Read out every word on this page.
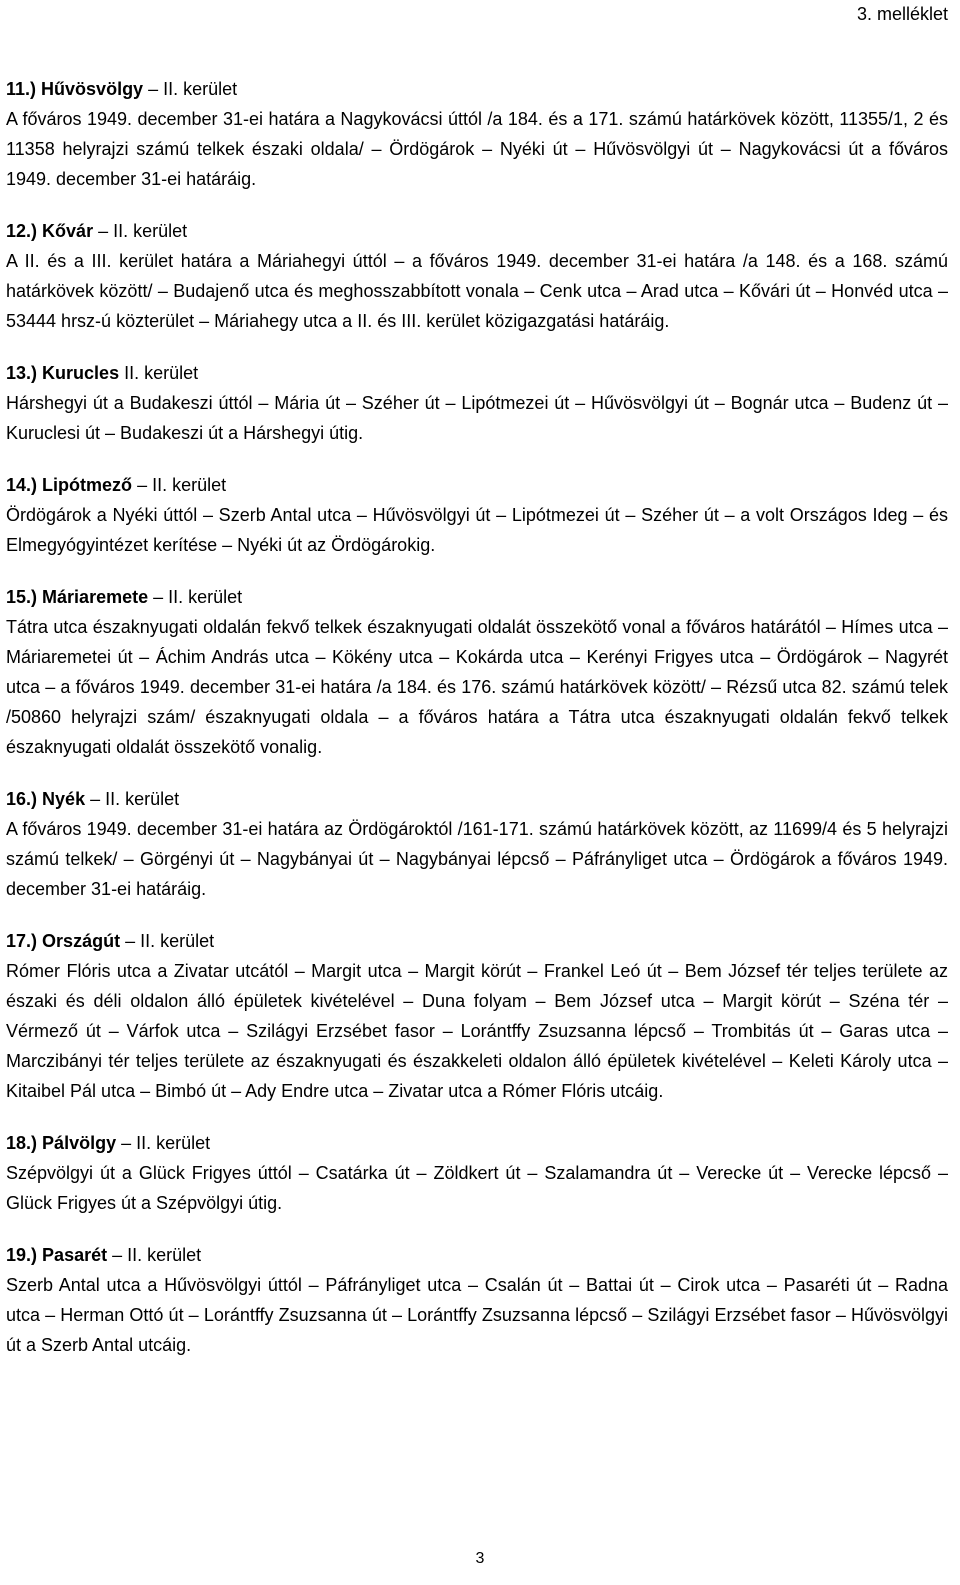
3. melléklet

11.) Hűvösvölgy – II. kerület

A főváros 1949. december 31-ei határa a Nagykovácsi úttól /a 184. és a 171. számú határkövek között, 11355/1, 2 és 11358 helyrajzi számú telkek északi oldala/ – Ördögárok – Nyéki út – Hűvösvölgyi út – Nagykovácsi út a főváros 1949. december 31-ei határáig.

12.) Kővár – II. kerület

A II. és a III. kerület határa a Máriahegyi úttól – a főváros 1949. december 31-ei határa /a 148. és a 168. számú határkövek között/ – Budajenő utca és meghosszabbított vonala – Cenk utca – Arad utca – Kővári út – Honvéd utca – 53444 hrsz-ú közterület – Máriahegy utca a II. és III. kerület közigazgatási határáig.

13.) Kurucles II. kerület

Hárshegyi út a Budakeszi úttól – Mária út – Széher út – Lipótmezei út – Hűvösvölgyi út – Bognár utca – Budenz út – Kuruclesi út – Budakeszi út a Hárshegyi útig.

14.) Lipótmező – II. kerület

Ördögárok a Nyéki úttól – Szerb Antal utca – Hűvösvölgyi út – Lipótmezei út – Széher út – a volt Országos Ideg – és Elmegyógyintézet kerítése – Nyéki út az Ördögárokig.

15.) Máriaremete – II. kerület

Tátra utca északnyugati oldalán fekvő telkek északnyugati oldalát összekötő vonal a főváros határától – Hímes utca – Máriaremetei út – Áchim András utca – Kökény utca – Kokárda utca – Kerényi Frigyes utca – Ördögárok – Nagyrét utca – a főváros 1949. december 31-ei határa /a 184. és 176. számú határkövek között/ – Rézsű utca 82. számú telek /50860 helyrajzi szám/ északnyugati oldala – a főváros határa a Tátra utca északnyugati oldalán fekvő telkek északnyugati oldalát összekötő vonalig.

16.) Nyék – II. kerület

A főváros 1949. december 31-ei határa az Ördögároktól /161-171. számú határkövek között, az 11699/4 és 5 helyrajzi számú telkek/ – Görgényi út – Nagybányai út – Nagybányai lépcső – Páfrányliget utca – Ördögárok a főváros 1949. december 31-ei határáig.

17.) Országút – II. kerület

Rómer Flóris utca a Zivatar utcától – Margit utca – Margit körút – Frankel Leó út – Bem József tér teljes területe az északi és déli oldalon álló épületek kivételével – Duna folyam – Bem József utca – Margit körút – Széna tér – Vérmező út – Várfok utca – Szilágyi Erzsébet fasor – Lorántffy Zsuzsanna lépcső – Trombitás út – Garas utca – Marczibányi tér teljes területe az északnyugati és északkeleti oldalon álló épületek kivételével – Keleti Károly utca – Kitaibel Pál utca – Bimbó út – Ady Endre utca – Zivatar utca a Rómer Flóris utcáig.

18.) Pálvölgy – II. kerület

Szépvölgyi út a Glück Frigyes úttól – Csatárka út – Zöldkert út – Szalamandra út – Verecke út – Verecke lépcső – Glück Frigyes út a Szépvölgyi útig.

19.) Pasarét – II. kerület

Szerb Antal utca a Hűvösvölgyi úttól – Páfrányliget utca – Csalán út – Battai út – Cirok utca – Pasaréti út – Radna utca – Herman Ottó út – Lorántffy Zsuzsanna út – Lorántffy Zsuzsanna lépcső – Szilágyi Erzsébet fasor – Hűvösvölgyi út a Szerb Antal utcáig.

3
